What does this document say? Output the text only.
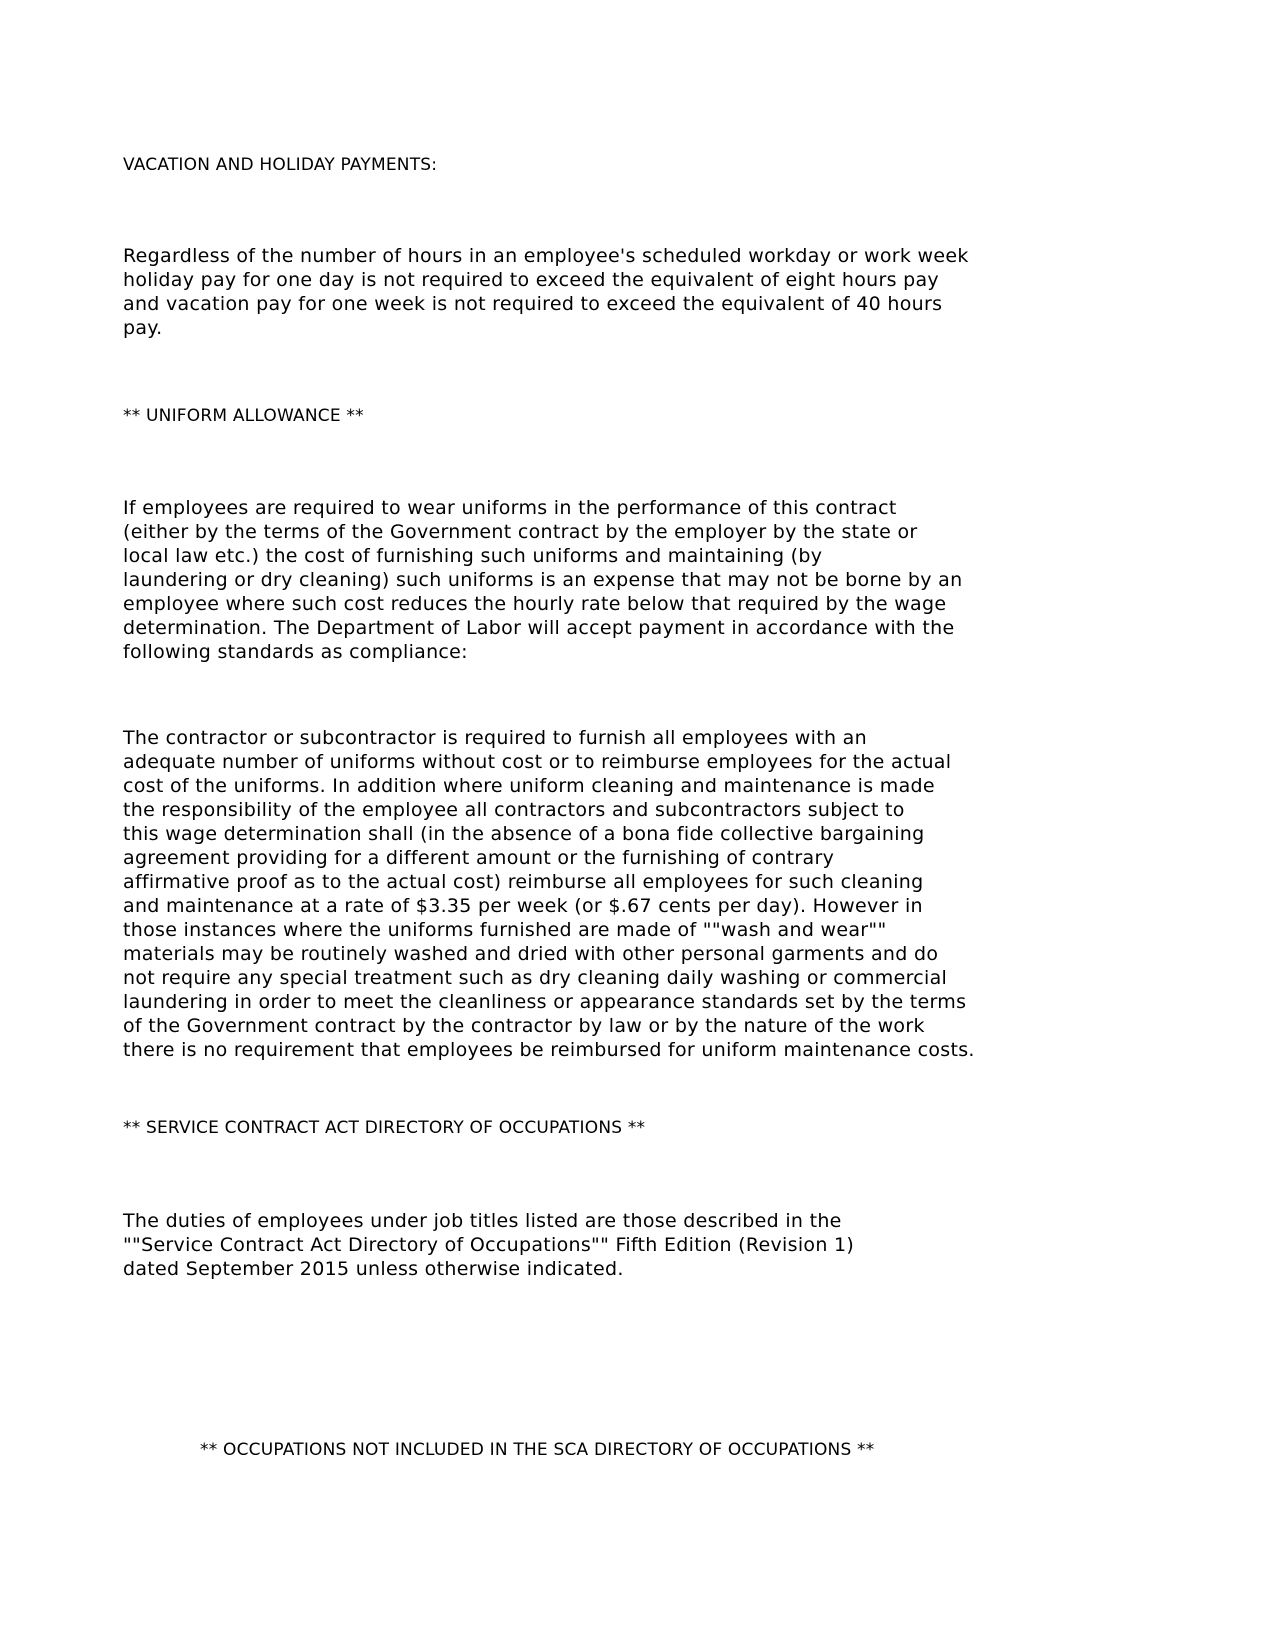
VACATION AND HOLIDAY PAYMENTS:
Regardless of the number of hours in an employee's scheduled workday or work week
holiday pay for one day is not required to exceed the equivalent of eight hours pay
and vacation pay for one week is not required to exceed the equivalent of 40 hours
pay.
** UNIFORM ALLOWANCE **
If employees are required to wear uniforms in the performance of this contract
(either by the terms of the Government contract by the employer by the state or
local law etc.) the cost of furnishing such uniforms and maintaining (by
laundering or dry cleaning) such uniforms is an expense that may not be borne by an
employee where such cost reduces the hourly rate below that required by the wage
determination. The Department of Labor will accept payment in accordance with the
following standards as compliance:
The contractor or subcontractor is required to furnish all employees with an
adequate number of uniforms without cost or to reimburse employees for the actual
cost of the uniforms. In addition where uniform cleaning and maintenance is made
the responsibility of the employee all contractors and subcontractors subject to
this wage determination shall (in the absence of a bona fide collective bargaining
agreement providing for a different amount or the furnishing of contrary
affirmative proof as to the actual cost) reimburse all employees for such cleaning
and maintenance at a rate of $3.35 per week (or $.67 cents per day). However in
those instances where the uniforms furnished are made of ""wash and wear""
materials may be routinely washed and dried with other personal garments and do
not require any special treatment such as dry cleaning daily washing or commercial
laundering in order to meet the cleanliness or appearance standards set by the terms
of the Government contract by the contractor by law or by the nature of the work
there is no requirement that employees be reimbursed for uniform maintenance costs.
** SERVICE CONTRACT ACT DIRECTORY OF OCCUPATIONS **
The duties of employees under job titles listed are those described in the
""Service Contract Act Directory of Occupations"" Fifth Edition (Revision 1)
dated September 2015 unless otherwise indicated.
** OCCUPATIONS NOT INCLUDED IN THE SCA DIRECTORY OF OCCUPATIONS **
